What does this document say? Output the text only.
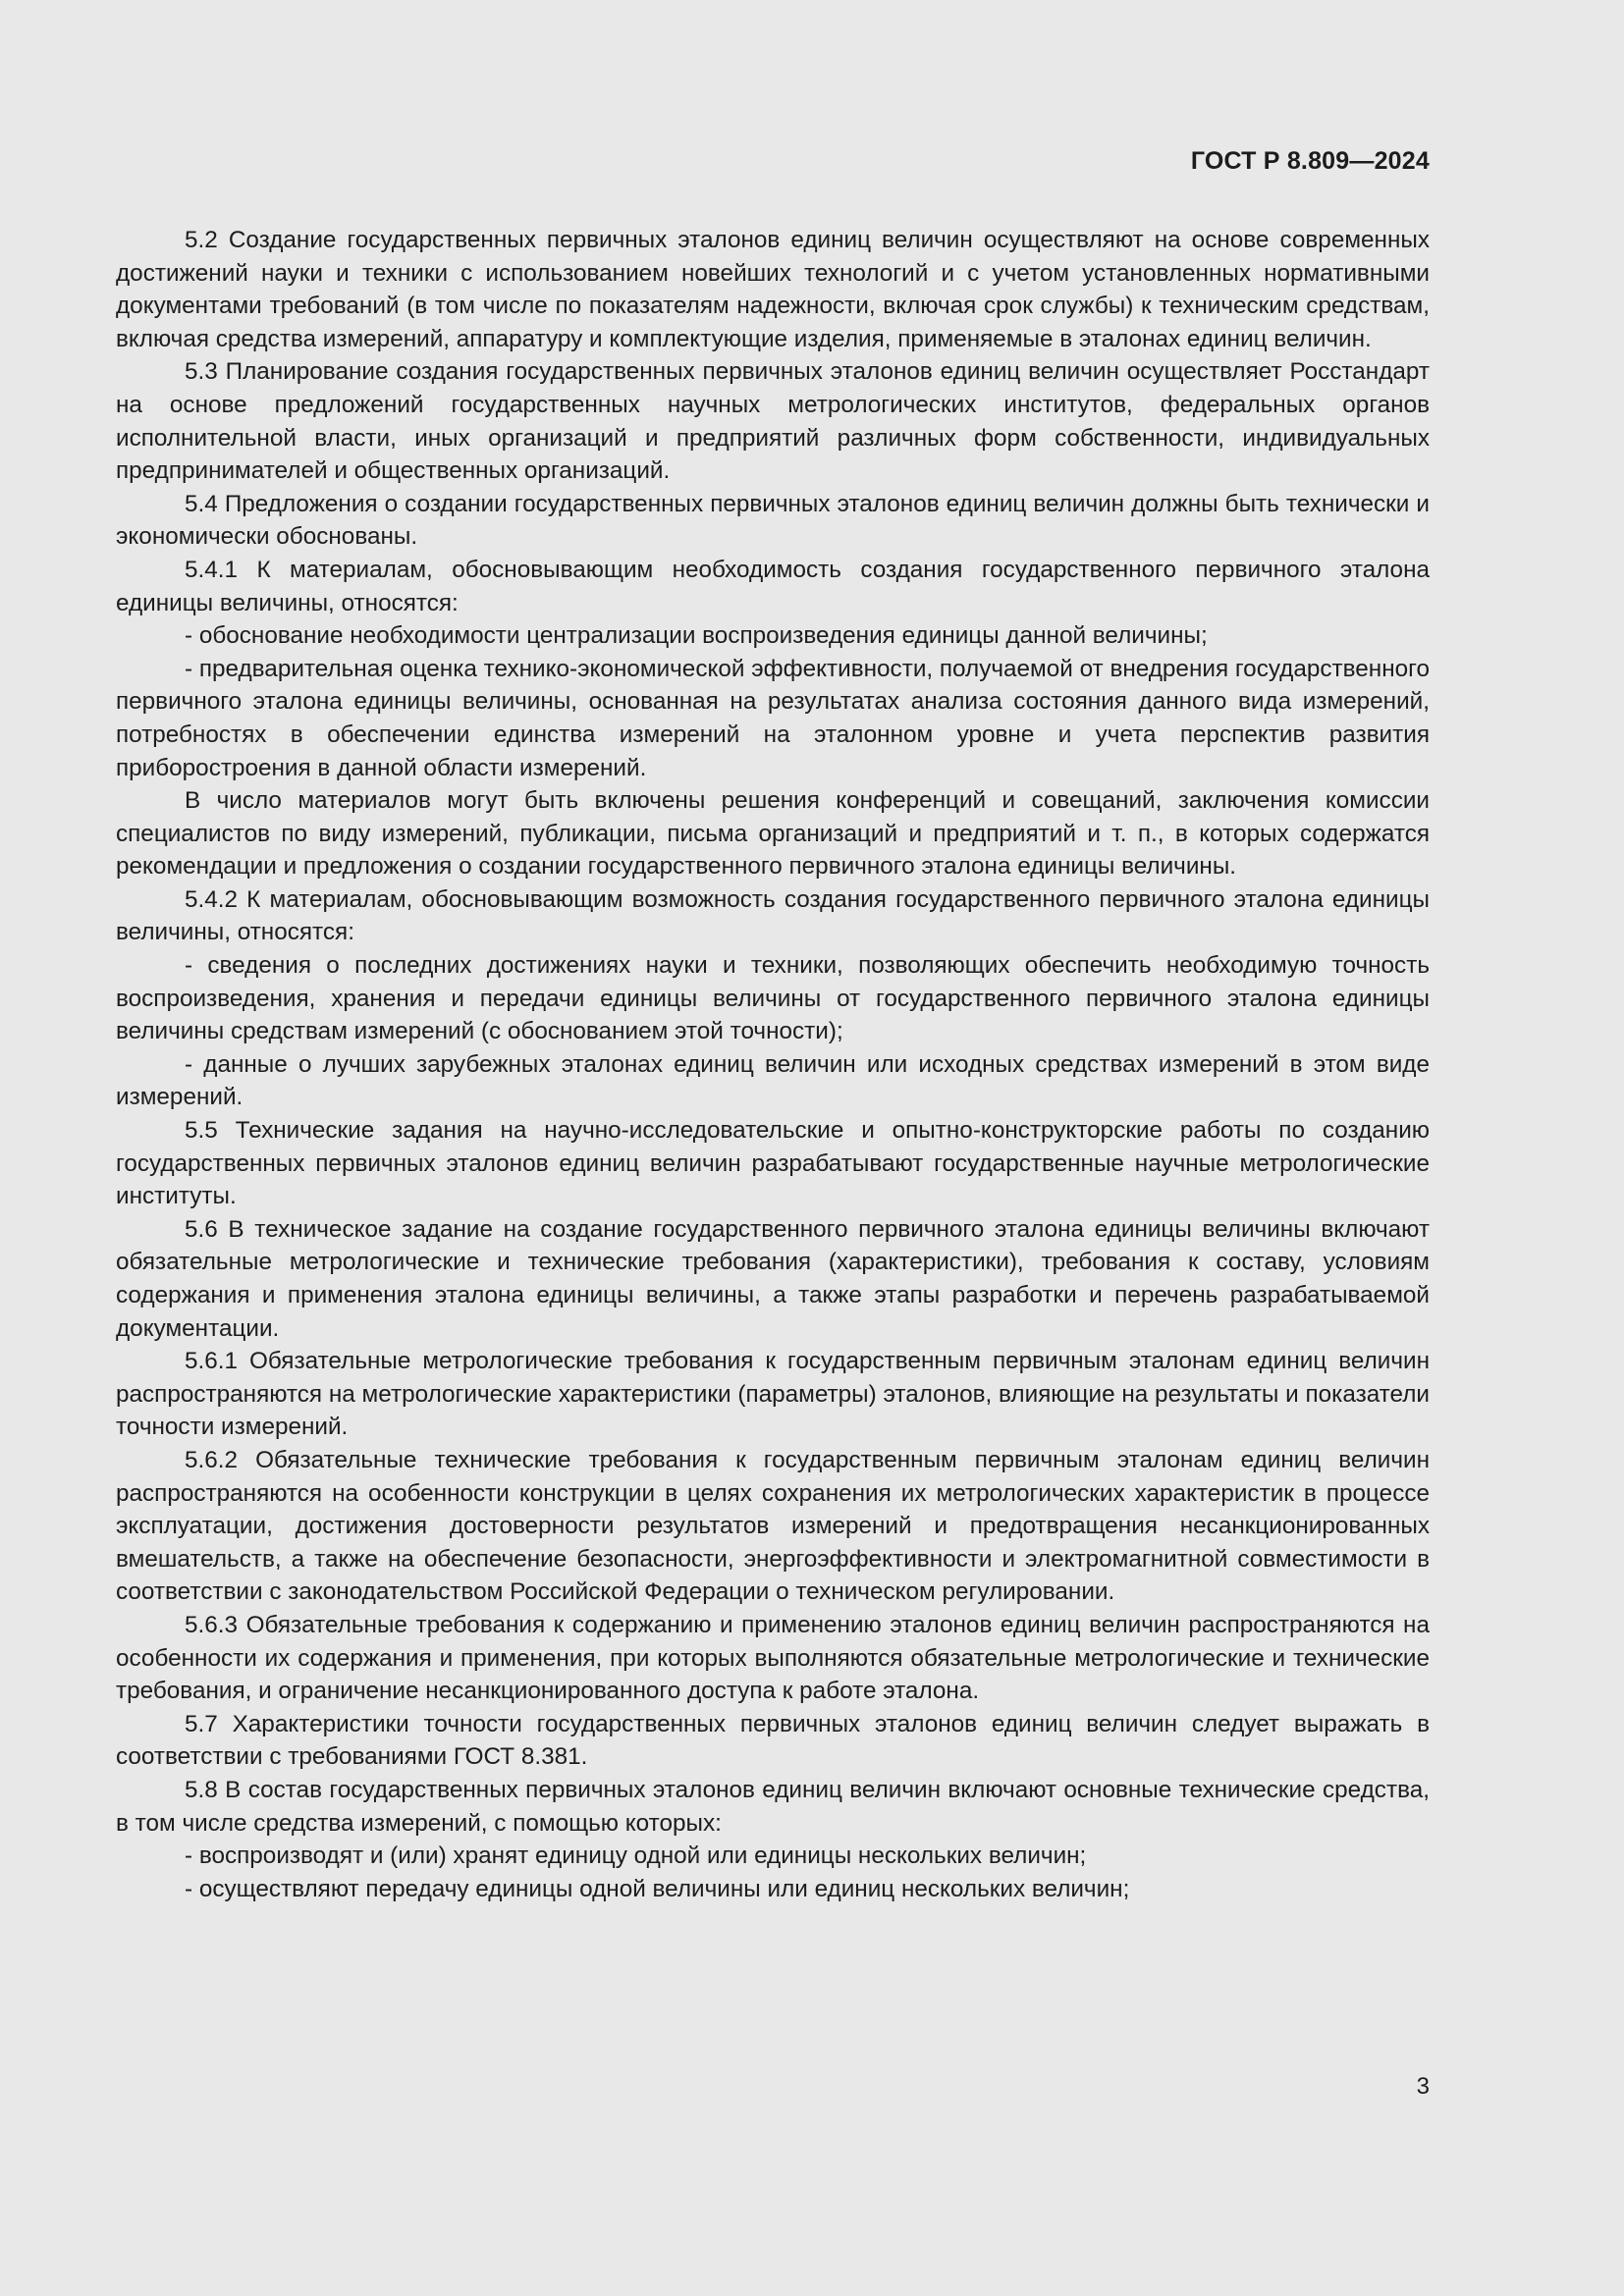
ГОСТ Р 8.809—2024

5.2 Создание государственных первичных эталонов единиц величин осуществляют на основе современных достижений науки и техники с использованием новейших технологий и с учетом установленных нормативными документами требований (в том числе по показателям надежности, включая срок службы) к техническим средствам, включая средства измерений, аппаратуру и комплектующие изделия, применяемые в эталонах единиц величин.

5.3 Планирование создания государственных первичных эталонов единиц величин осуществляет Росстандарт на основе предложений государственных научных метрологических институтов, федеральных органов исполнительной власти, иных организаций и предприятий различных форм собственности, индивидуальных предпринимателей и общественных организаций.

5.4 Предложения о создании государственных первичных эталонов единиц величин должны быть технически и экономически обоснованы.

5.4.1 К материалам, обосновывающим необходимость создания государственного первичного эталона единицы величины, относятся:

- обоснование необходимости централизации воспроизведения единицы данной величины;

- предварительная оценка технико-экономической эффективности, получаемой от внедрения государственного первичного эталона единицы величины, основанная на результатах анализа состояния данного вида измерений, потребностях в обеспечении единства измерений на эталонном уровне и учета перспектив развития приборостроения в данной области измерений.

В число материалов могут быть включены решения конференций и совещаний, заключения комиссии специалистов по виду измерений, публикации, письма организаций и предприятий и т. п., в которых содержатся рекомендации и предложения о создании государственного первичного эталона единицы величины.

5.4.2 К материалам, обосновывающим возможность создания государственного первичного эталона единицы величины, относятся:

- сведения о последних достижениях науки и техники, позволяющих обеспечить необходимую точность воспроизведения, хранения и передачи единицы величины от государственного первичного эталона единицы величины средствам измерений (с обоснованием этой точности);

- данные о лучших зарубежных эталонах единиц величин или исходных средствах измерений в этом виде измерений.

5.5 Технические задания на научно-исследовательские и опытно-конструкторские работы по созданию государственных первичных эталонов единиц величин разрабатывают государственные научные метрологические институты.

5.6 В техническое задание на создание государственного первичного эталона единицы величины включают обязательные метрологические и технические требования (характеристики), требования к составу, условиям содержания и применения эталона единицы величины, а также этапы разработки и перечень разрабатываемой документации.

5.6.1 Обязательные метрологические требования к государственным первичным эталонам единиц величин распространяются на метрологические характеристики (параметры) эталонов, влияющие на результаты и показатели точности измерений.

5.6.2 Обязательные технические требования к государственным первичным эталонам единиц величин распространяются на особенности конструкции в целях сохранения их метрологических характеристик в процессе эксплуатации, достижения достоверности результатов измерений и предотвращения несанкционированных вмешательств, а также на обеспечение безопасности, энергоэффективности и электромагнитной совместимости в соответствии с законодательством Российской Федерации о техническом регулировании.

5.6.3 Обязательные требования к содержанию и применению эталонов единиц величин распространяются на особенности их содержания и применения, при которых выполняются обязательные метрологические и технические требования, и ограничение несанкционированного доступа к работе эталона.

5.7 Характеристики точности государственных первичных эталонов единиц величин следует выражать в соответствии с требованиями ГОСТ 8.381.

5.8 В состав государственных первичных эталонов единиц величин включают основные технические средства, в том числе средства измерений, с помощью которых:

- воспроизводят и (или) хранят единицу одной или единицы нескольких величин;

- осуществляют передачу единицы одной величины или единиц нескольких величин;

3
